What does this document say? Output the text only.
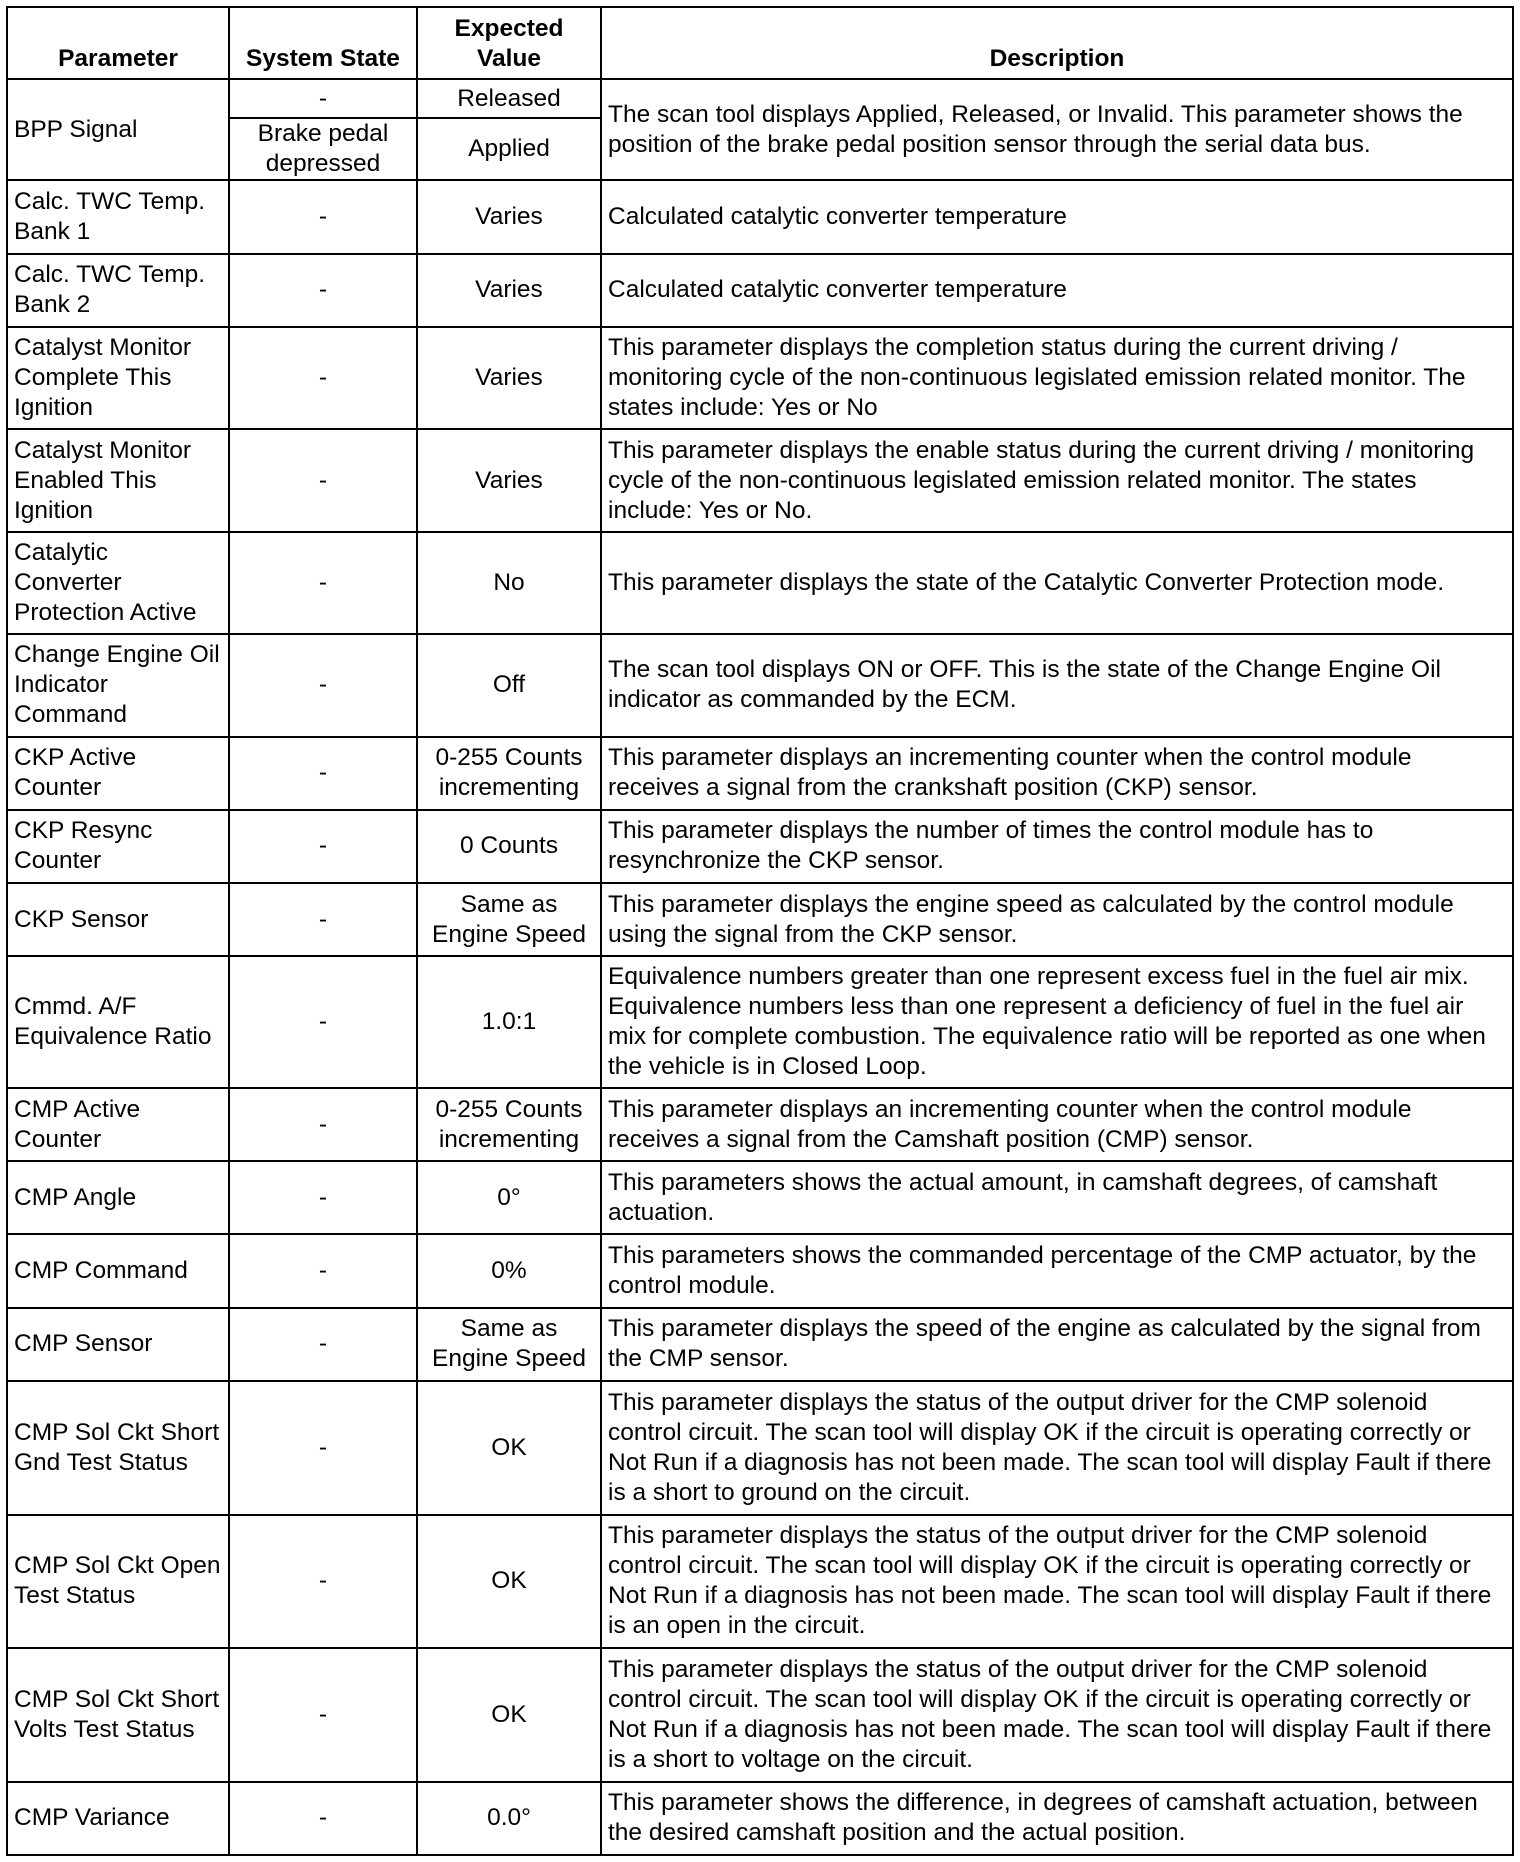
Parameter	System State	Expected Value	Description
BPP Signal	-	Released	The scan tool displays Applied, Released, or Invalid. This parameter shows the position of the brake pedal position sensor through the serial data bus.
	Brake pedal depressed	Applied	
Calc. TWC Temp. Bank 1	-	Varies	Calculated catalytic converter temperature
Calc. TWC Temp. Bank 2	-	Varies	Calculated catalytic converter temperature
Catalyst Monitor Complete This Ignition	-	Varies	This parameter displays the completion status during the current driving / monitoring cycle of the non-continuous legislated emission related monitor. The states include: Yes or No
Catalyst Monitor Enabled This Ignition	-	Varies	This parameter displays the enable status during the current driving / monitoring cycle of the non-continuous legislated emission related monitor. The states include: Yes or No.
Catalytic Converter Protection Active	-	No	This parameter displays the state of the Catalytic Converter Protection mode.
Change Engine Oil Indicator Command	-	Off	The scan tool displays ON or OFF. This is the state of the Change Engine Oil indicator as commanded by the ECM.
CKP Active Counter	-	0-255 Counts incrementing	This parameter displays an incrementing counter when the control module receives a signal from the crankshaft position (CKP) sensor.
CKP Resync Counter	-	0 Counts	This parameter displays the number of times the control module has to resynchronize the CKP sensor.
CKP Sensor	-	Same as Engine Speed	This parameter displays the engine speed as calculated by the control module using the signal from the CKP sensor.
Cmmd. A/F Equivalence Ratio	-	1.0:1	Equivalence numbers greater than one represent excess fuel in the fuel air mix. Equivalence numbers less than one represent a deficiency of fuel in the fuel air mix for complete combustion. The equivalence ratio will be reported as one when the vehicle is in Closed Loop.
CMP Active Counter	-	0-255 Counts incrementing	This parameter displays an incrementing counter when the control module receives a signal from the Camshaft position (CMP) sensor.
CMP Angle	-	0°	This parameters shows the actual amount, in camshaft degrees, of camshaft actuation.
CMP Command	-	0%	This parameters shows the commanded percentage of the CMP actuator, by the control module.
CMP Sensor	-	Same as Engine Speed	This parameter displays the speed of the engine as calculated by the signal from the CMP sensor.
CMP Sol Ckt Short Gnd Test Status	-	OK	This parameter displays the status of the output driver for the CMP solenoid control circuit. The scan tool will display OK if the circuit is operating correctly or Not Run if a diagnosis has not been made. The scan tool will display Fault if there is a short to ground on the circuit.
CMP Sol Ckt Open Test Status	-	OK	This parameter displays the status of the output driver for the CMP solenoid control circuit. The scan tool will display OK if the circuit is operating correctly or Not Run if a diagnosis has not been made. The scan tool will display Fault if there is an open in the circuit.
CMP Sol Ckt Short Volts Test Status	-	OK	This parameter displays the status of the output driver for the CMP solenoid control circuit. The scan tool will display OK if the circuit is operating correctly or Not Run if a diagnosis has not been made. The scan tool will display Fault if there is a short to voltage on the circuit.
CMP Variance	-	0.0°	This parameter shows the difference, in degrees of camshaft actuation, between the desired camshaft position and the actual position.
